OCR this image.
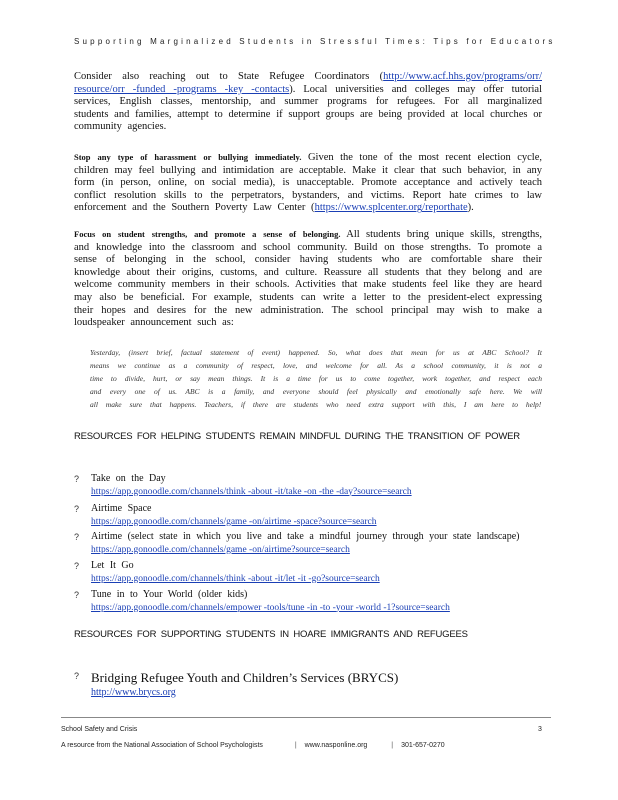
Supporting Marginalized Students in Stressful Times: Tips for Educators
Consider also reaching out to State Refugee Coordinators (http://www.acf.hhs.gov/programs/orr/ resource/orr -funded -programs -key -contacts). Local universities and colleges may offer tutorial services, English classes, mentorship, and summer programs for refugees. For all marginalized students and families, attempt to determine if support groups are being provided at local churches or community agencies.
Stop any type of harassment or bullying immediately. Given the tone of the most recent election cycle, children may feel bullying and intimidation are acceptable. Make it clear that such behavior, in any form (in person, online, on social media), is unacceptable. Promote acceptance and actively teach conflict resolution skills to the perpetrators, bystanders, and victims. Report hate crimes to law enforcement and the Southern Poverty Law Center (https://www.splcenter.org/reporthate).
Focus on student strengths, and promote a sense of belonging. All students bring unique skills, strengths, and knowledge into the classroom and school community. Build on those strengths. To promote a sense of belonging in the school, consider having students who are comfortable share their knowledge about their origins, customs, and culture. Reassure all students that they belong and are welcome community members in their schools. Activities that make students feel like they are heard may also be beneficial. For example, students can write a letter to the president-elect expressing their hopes and desires for the new administration. The school principal may wish to make a loudspeaker announcement such as:
Yesterday, (insert brief, factual statement of event) happened. So, what does that mean for us at ABC School? It means we continue as a community of respect, love, and welcome for all. As a school community, it is not a time to divide, hurt, or say mean things. It is a time for us to come together, work together, and respect each and every one of us. ABC is a family, and everyone should feel physically and emotionally safe here. We will all make sure that happens. Teachers, if there are students who need extra support with this, I am here to help!
RESOURCES FOR HELPING STUDENTS REMAIN MINDFUL DURING THE TRANSITION OF POWER
? Take on the Day
https://app.gonoodle.com/channels/think -about -it/take -on -the -day?source=search
? Airtime Space
https://app.gonoodle.com/channels/game -on/airtime -space?source=search
? Airtime (select state in which you live and take a mindful journey through your state landscape)
https://app.gonoodle.com/channels/game -on/airtime?source=search
? Let It Go
https://app.gonoodle.com/channels/think -about -it/let -it -go?source=search
? Tune in to Your World (older kids)
https://app.gonoodle.com/channels/empower -tools/tune -in -to -your -world -1?source=search
RESOURCES FOR SUPPORTING STUDENTS IN HOARE IMMIGRANTS AND REFUGEES
? Bridging Refugee Youth and Children’s Services (BRYCS)
http://www.brycs.org
School Safety and Crisis	3
A resource from the National Association of School Psychologists	| www.nasponline.org	| 301-657-0270
